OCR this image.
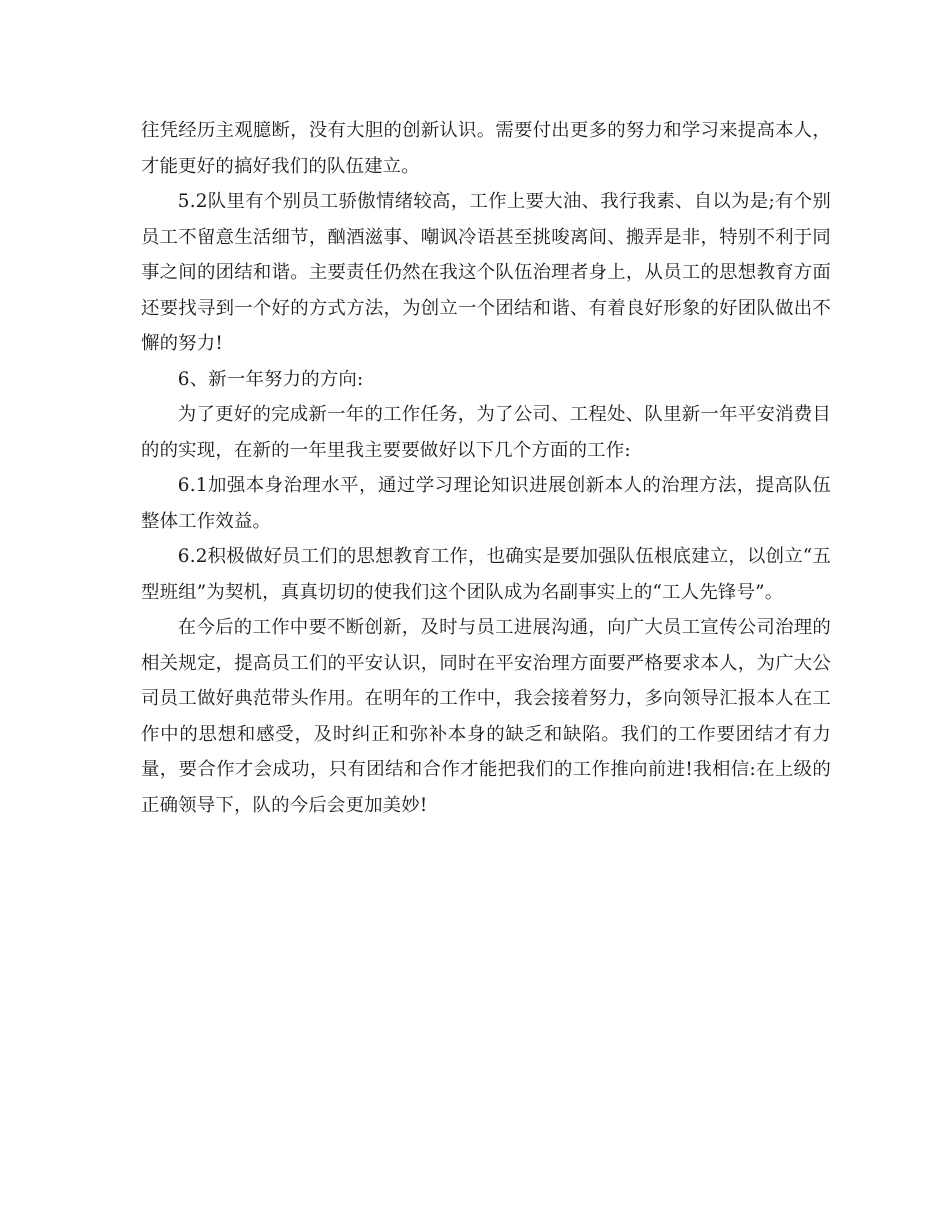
往凭经历主观臆断，没有大胆的创新认识。需要付出更多的努力和学习来提高本人，才能更好的搞好我们的队伍建立。

5.2队里有个别员工骄傲情绪较高，工作上要大油、我行我素、自以为是;有个别员工不留意生活细节，酗酒滋事、嘲讽冷语甚至挑唆离间、搬弄是非，特别不利于同事之间的团结和谐。主要责任仍然在我这个队伍治理者身上，从员工的思想教育方面还要找寻到一个好的方式方法，为创立一个团结和谐、有着良好形象的好团队做出不懈的努力!

6、新一年努力的方向:

为了更好的完成新一年的工作任务，为了公司、工程处、队里新一年平安消费目的的实现，在新的一年里我主要要做好以下几个方面的工作:

6.1加强本身治理水平，通过学习理论知识进展创新本人的治理方法，提高队伍整体工作效益。

6.2积极做好员工们的思想教育工作，也确实是要加强队伍根底建立，以创立“五型班组”为契机，真真切切的使我们这个团队成为名副事实上的“工人先锋号”。

在今后的工作中要不断创新，及时与员工进展沟通，向广大员工宣传公司治理的相关规定，提高员工们的平安认识，同时在平安治理方面要严格要求本人，为广大公司员工做好典范带头作用。在明年的工作中，我会接着努力，多向领导汇报本人在工作中的思想和感受，及时纠正和弥补本身的缺乏和缺陷。我们的工作要团结才有力量，要合作才会成功，只有团结和合作才能把我们的工作推向前进!我相信:在上级的正确领导下，队的今后会更加美妙!
